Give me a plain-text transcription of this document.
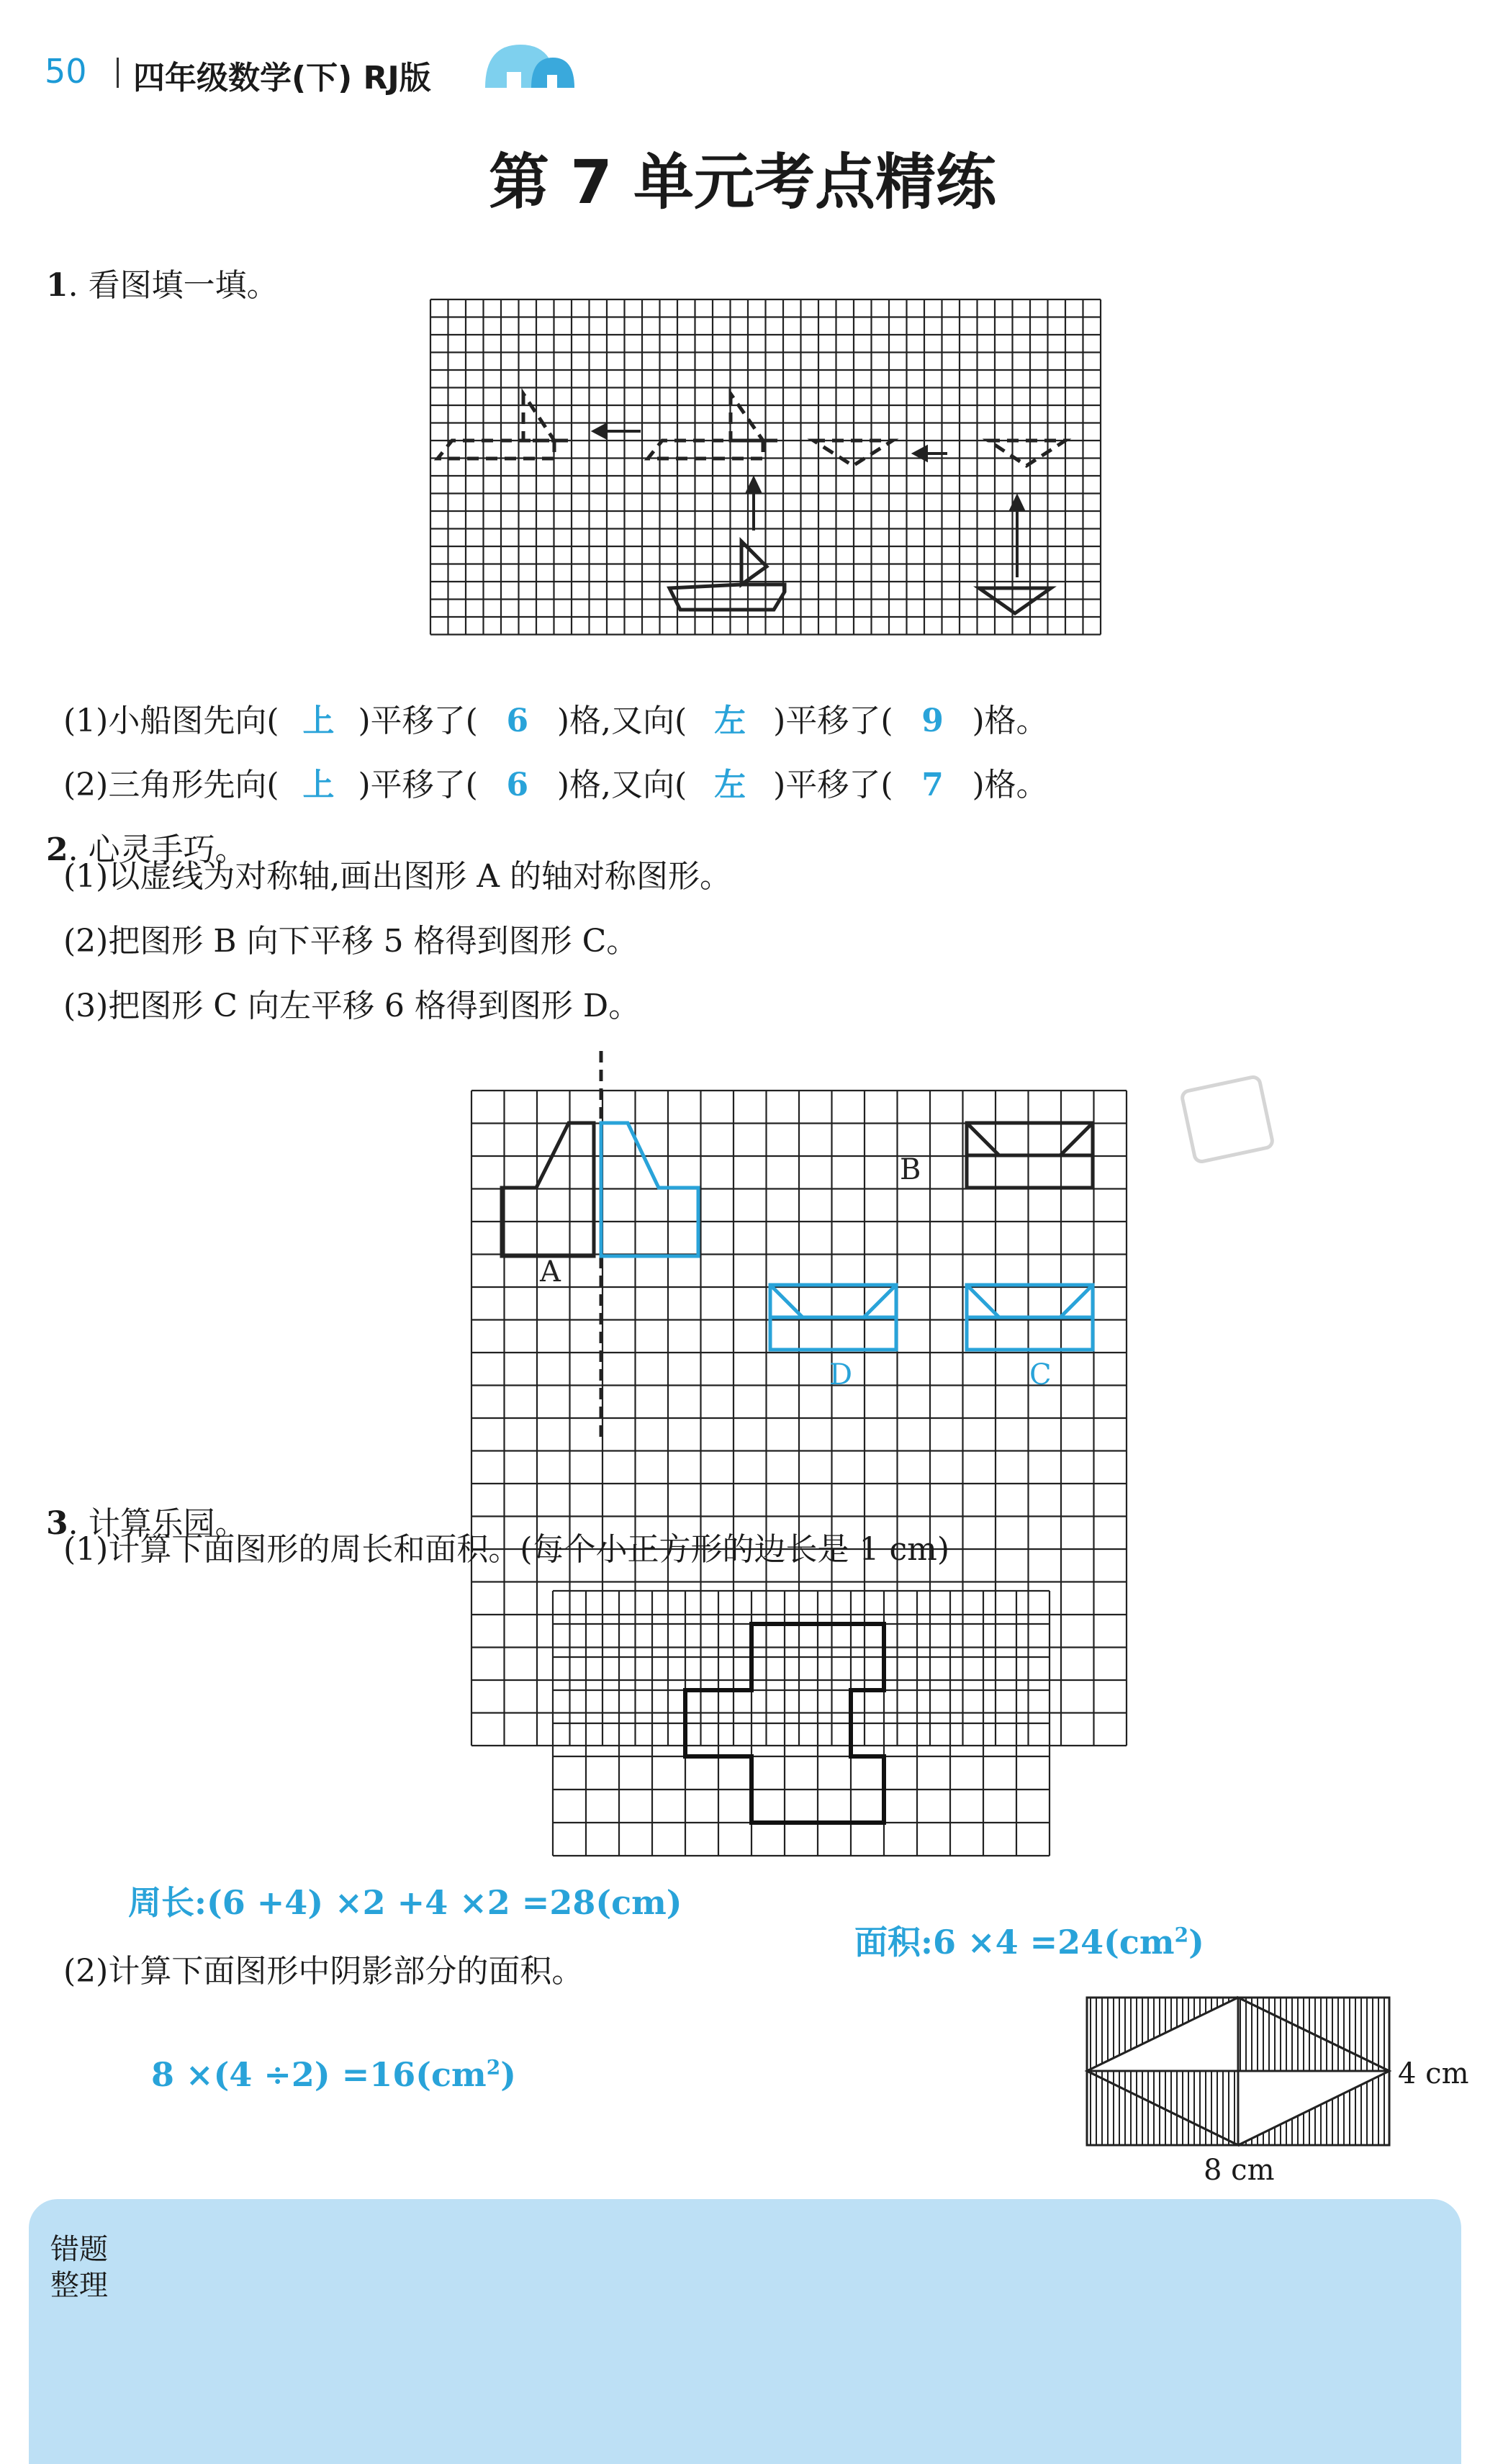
50 四年级数学(下) RJ版
第 7 单元考点精练

1. 看图填一填。

(1)小船图先向( 上 )平移了( 6 )格,又向( 左 )平移了( 9 )格。

(2)三角形先向( 上 )平移了( 6 )格,又向( 左 )平移了( 7 )格。

2. 心灵手巧。

(1)以虚线为对称轴,画出图形 A 的轴对称图形。
(2)把图形 B 向下平移 5 格得到图形 C。
(3)把图形 C 向左平移 6 格得到图形 D。
A
B
C
D

3. 计算乐园。

(1)计算下面图形的周长和面积。(每个小正方形的边长是 1 cm)
周长:(6 +4) ×2 +4 ×2 =28(cm)

面积:6 $\times 4 =24(cm^2)$

(2)计算下面图形中阴影部分的面积。

$8 \times(4 \div 2) =16(cm^2)$	4 cm
8 cm
错题
整理
